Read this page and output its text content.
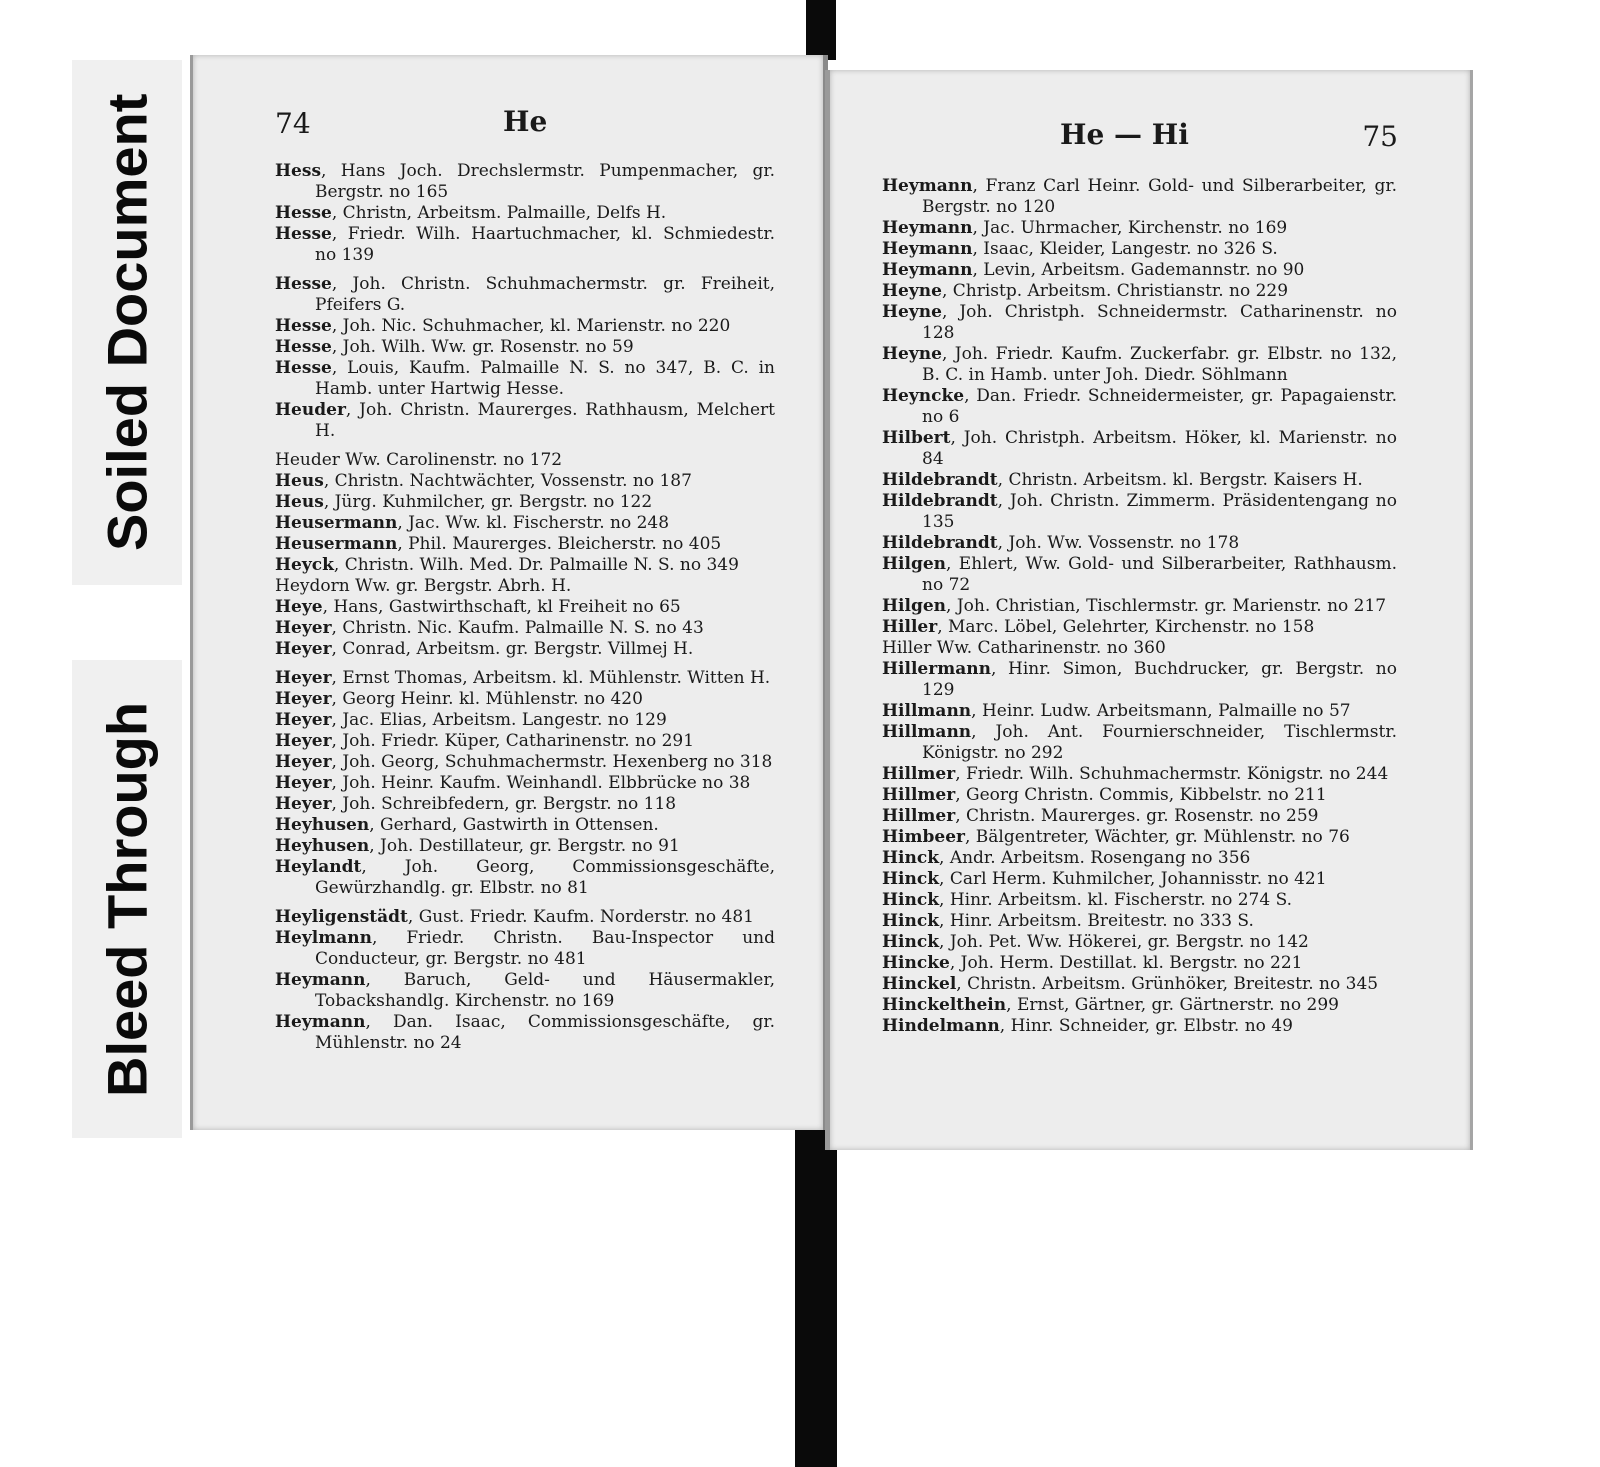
Soiled Document
Bleed Through
74	He
Hess, Hans Joch. Drechslermstr. Pumpenmacher, gr. Bergstr. no 165
Hesse, Christn, Arbeitsm. Palmaille, Delfs H.
Hesse, Friedr. Wilh. Haartuchmacher, kl. Schmiedestr. no 139
Hesse, Joh. Christn. Schuhmachermstr. gr. Freiheit, Pfeifers G.
Hesse, Joh. Nic. Schuhmacher, kl. Marienstr. no 220
Hesse, Joh. Wilh. Ww. gr. Rosenstr. no 59
Hesse, Louis, Kaufm. Palmaille N. S. no 347, B. C. in Hamb. unter Hartwig Hesse.
Heuder, Joh. Christn. Maurerges. Rathhausm, Melchert H.
Heuder Ww. Carolinenstr. no 172
Heus, Christn. Nachtwächter, Vossenstr. no 187
Heus, Jürg. Kuhmilcher, gr. Bergstr. no 122
Heusermann, Jac. Ww. kl. Fischerstr. no 248
Heusermann, Phil. Maurerges. Bleicherstr. no 405
Heyck, Christn. Wilh. Med. Dr. Palmaille N. S. no 349
Heydorn Ww. gr. Bergstr. Abrh. H.
Heye, Hans, Gastwirthschaft, kl Freiheit no 65
Heyer, Christn. Nic. Kaufm. Palmaille N. S. no 43
Heyer, Conrad, Arbeitsm. gr. Bergstr. Villmej H.
Heyer, Ernst Thomas, Arbeitsm. kl. Mühlenstr. Witten H.
Heyer, Georg Heinr. kl. Mühlenstr. no 420
Heyer, Jac. Elias, Arbeitsm. Langestr. no 129
Heyer, Joh. Friedr. Küper, Catharinenstr. no 291
Heyer, Joh. Georg, Schuhmachermstr. Hexenberg no 318
Heyer, Joh. Heinr. Kaufm. Weinhandl. Elbbrücke no 38
Heyer, Joh. Schreibfedern, gr. Bergstr. no 118
Heyhusen, Gerhard, Gastwirth in Ottensen.
Heyhusen, Joh. Destillateur, gr. Bergstr. no 91
Heylandt, Joh. Georg, Commissionsgeschäfte, Gewürzhandlg. gr. Elbstr. no 81
Heyligenstädt, Gust. Friedr. Kaufm. Norderstr. no 481
Heylmann, Friedr. Christn. Bau-Inspector und Conducteur, gr. Bergstr. no 481
Heymann, Baruch, Geld- und Häusermakler, Tobackshandlg. Kirchenstr. no 169
Heymann, Dan. Isaac, Commissionsgeschäfte, gr. Mühlenstr. no 24
He — Hi	75
Heymann, Franz Carl Heinr. Gold- und Silberarbeiter, gr. Bergstr. no 120
Heymann, Jac. Uhrmacher, Kirchenstr. no 169
Heymann, Isaac, Kleider, Langestr. no 326 S.
Heymann, Levin, Arbeitsm. Gademannstr. no 90
Heyne, Christp. Arbeitsm. Christianstr. no 229
Heyne, Joh. Christph. Schneidermstr. Catharinenstr. no 128
Heyne, Joh. Friedr. Kaufm. Zuckerfabr. gr. Elbstr. no 132, B. C. in Hamb. unter Joh. Diedr. Söhlmann
Heyncke, Dan. Friedr. Schneidermeister, gr. Papagaienstr. no 6
Hilbert, Joh. Christph. Arbeitsm. Höker, kl. Marienstr. no 84
Hildebrandt, Christn. Arbeitsm. kl. Bergstr. Kaisers H.
Hildebrandt, Joh. Christn. Zimmerm. Präsidentengang no 135
Hildebrandt, Joh. Ww. Vossenstr. no 178
Hilgen, Ehlert, Ww. Gold- und Silberarbeiter, Rathhausm. no 72
Hilgen, Joh. Christian, Tischlermstr. gr. Marienstr. no 217
Hiller, Marc. Löbel, Gelehrter, Kirchenstr. no 158
Hiller Ww. Catharinenstr. no 360
Hillermann, Hinr. Simon, Buchdrucker, gr. Bergstr. no 129
Hillmann, Heinr. Ludw. Arbeitsmann, Palmaille no 57
Hillmann, Joh. Ant. Fournierschneider, Tischlermstr. Königstr. no 292
Hillmer, Friedr. Wilh. Schuhmachermstr. Königstr. no 244
Hillmer, Georg Christn. Commis, Kibbelstr. no 211
Hillmer, Christn. Maurerges. gr. Rosenstr. no 259
Himbeer, Bälgentreter, Wächter, gr. Mühlenstr. no 76
Hinck, Andr. Arbeitsm. Rosengang no 356
Hinck, Carl Herm. Kuhmilcher, Johannisstr. no 421
Hinck, Hinr. Arbeitsm. kl. Fischerstr. no 274 S.
Hinck, Hinr. Arbeitsm. Breitestr. no 333 S.
Hinck, Joh. Pet. Ww. Hökerei, gr. Bergstr. no 142
Hincke, Joh. Herm. Destillat. kl. Bergstr. no 221
Hinckel, Christn. Arbeitsm. Grünhöker, Breitestr. no 345
Hinckelthein, Ernst, Gärtner, gr. Gärtnerstr. no 299
Hindelmann, Hinr. Schneider, gr. Elbstr. no 49
